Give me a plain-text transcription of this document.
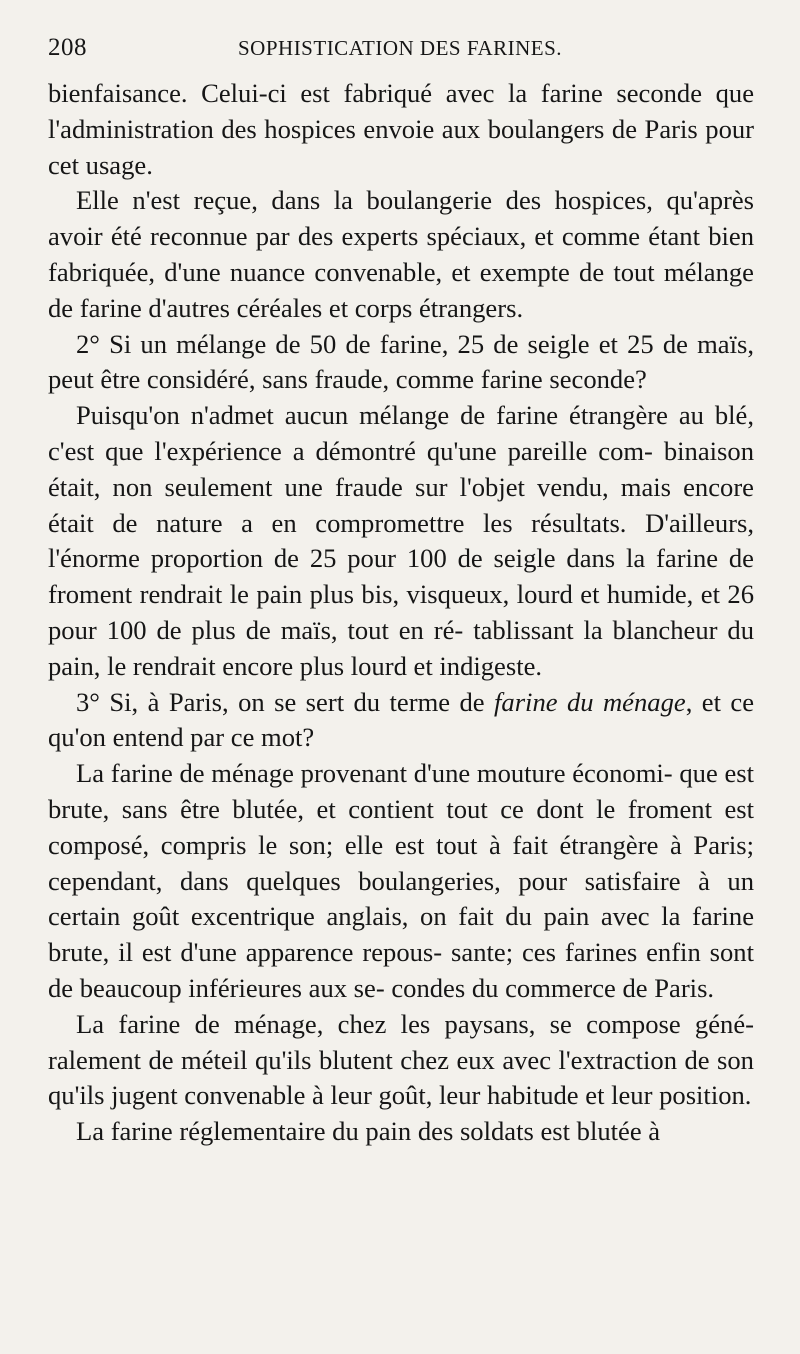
208	SOPHISTICATION DES FARINES.

bienfaisance. Celui-ci est fabriqué avec la farine seconde que l'administration des hospices envoie aux boulangers de Paris pour cet usage.

Elle n'est reçue, dans la boulangerie des hospices, qu'après avoir été reconnue par des experts spéciaux, et comme étant bien fabriquée, d'une nuance convenable, et exempte de tout mélange de farine d'autres céréales et corps étrangers.

2° Si un mélange de 50 de farine, 25 de seigle et 25 de maïs, peut être considéré, sans fraude, comme farine seconde?

Puisqu'on n'admet aucun mélange de farine étrangère au blé, c'est que l'expérience a démontré qu'une pareille com- binaison était, non seulement une fraude sur l'objet vendu, mais encore était de nature a en compromettre les résultats. D'ailleurs, l'énorme proportion de 25 pour 100 de seigle dans la farine de froment rendrait le pain plus bis, visqueux, lourd et humide, et 26 pour 100 de plus de maïs, tout en ré- tablissant la blancheur du pain, le rendrait encore plus lourd et indigeste.

3° Si, à Paris, on se sert du terme de farine du ménage, et ce qu'on entend par ce mot?

La farine de ménage provenant d'une mouture économi- que est brute, sans être blutée, et contient tout ce dont le froment est composé, compris le son; elle est tout à fait étrangère à Paris; cependant, dans quelques boulangeries, pour satisfaire à un certain goût excentrique anglais, on fait du pain avec la farine brute, il est d'une apparence repous- sante; ces farines enfin sont de beaucoup inférieures aux se- condes du commerce de Paris.

La farine de ménage, chez les paysans, se compose géné- ralement de méteil qu'ils blutent chez eux avec l'extraction de son qu'ils jugent convenable à leur goût, leur habitude et leur position.

La farine réglementaire du pain des soldats est blutée à
